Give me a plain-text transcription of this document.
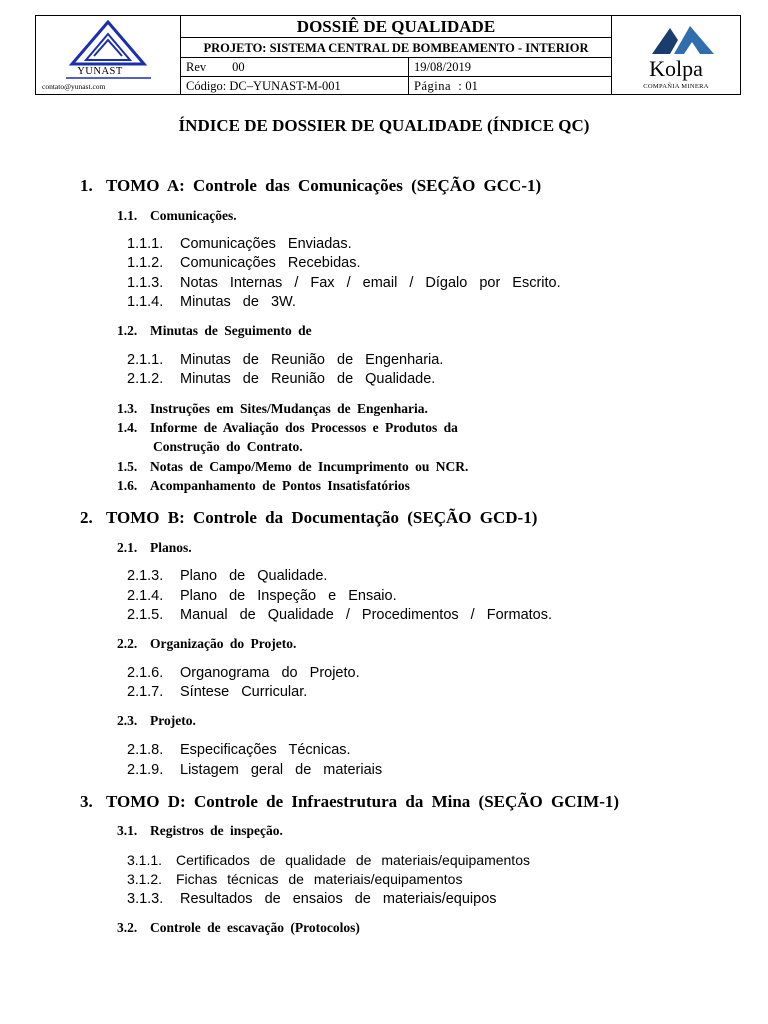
YUNAST
contato@yunast.com
DOSSIÊ DE QUALIDADE
PROJETO: SISTEMA CENTRAL DE BOMBEAMENTO - INTERIOR
Rev 00	19/08/2019
Código: DC–YUNAST-M-001	Página  : 01
Kolpa
COMPAÑIA MINERA
ÍNDICE DE DOSSIER DE QUALIDADE (ÍNDICE QC)
1. TOMO A: Controle das Comunicações (SEÇÃO GCC-1)
1.1. Comunicações.
1.1.1. Comunicações Enviadas.
1.1.2. Comunicações Recebidas.
1.1.3. Notas Internas / Fax / email / Dígalo por Escrito.
1.1.4. Minutas de 3W.
1.2. Minutas de Seguimento de
2.1.1. Minutas de Reunião de Engenharia.
2.1.2. Minutas de Reunião de Qualidade.
1.3. Instruções em Sites/Mudanças de Engenharia.
1.4. Informe de Avaliação dos Processos e Produtos da
Construção do Contrato.
1.5. Notas de Campo/Memo de Incumprimento ou NCR.
1.6. Acompanhamento de Pontos Insatisfatórios
2. TOMO B: Controle da Documentação (SEÇÃO GCD-1)
2.1. Planos.
2.1.3. Plano de Qualidade.
2.1.4. Plano de Inspeção e Ensaio.
2.1.5. Manual de Qualidade / Procedimentos / Formatos.
2.2. Organização do Projeto.
2.1.6. Organograma do Projeto.
2.1.7. Síntese Curricular.
2.3. Projeto.
2.1.8. Especificações Técnicas.
2.1.9. Listagem geral de materiais
3. TOMO D: Controle de Infraestrutura da Mina (SEÇÃO GCIM-1)
3.1. Registros de inspeção.
3.1.1. Certificados de qualidade de materiais/equipamentos
3.1.2. Fichas técnicas de materiais/equipamentos
3.1.3. Resultados de ensaios de materiais/equipos
3.2. Controle de escavação (Protocolos)
